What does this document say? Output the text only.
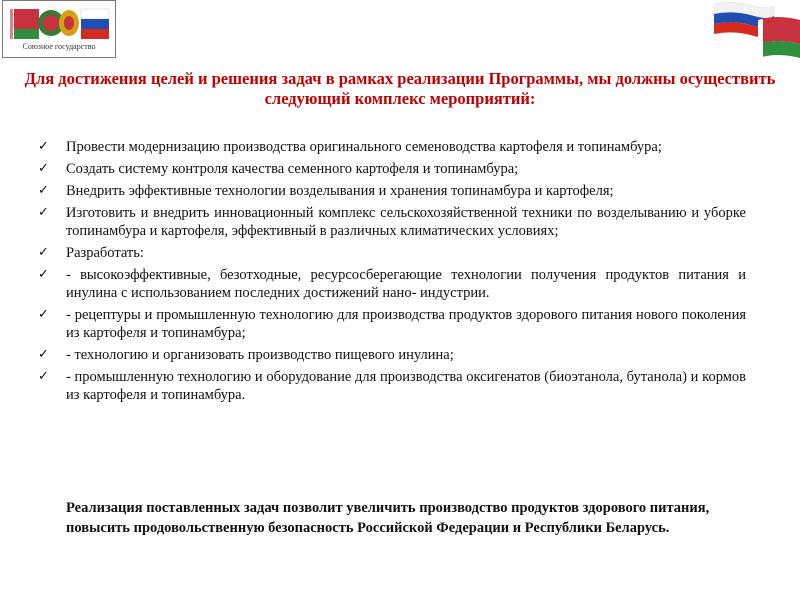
Союзное государство
Для достижения целей и решения задач в рамках реализации Программы, мы должны осуществить следующий комплекс мероприятий:
✓ Провести модернизацию производства оригинального семеноводства картофеля и топинамбура;
✓ Создать систему контроля качества семенного картофеля и топинамбура;
✓ Внедрить эффективные технологии возделывания и хранения топинамбура и картофеля;
✓ Изготовить и внедрить инновационный комплекс сельскохозяйственной техники по возделыванию и уборке топинамбура и картофеля, эффективный в различных климатических условиях;
✓ Разработать:
✓ - высокоэффективные, безотходные, ресурсосберегающие технологии получения продуктов питания и инулина с использованием последних достижений нано- индустрии.
✓ - рецептуры и промышленную технологию для производства продуктов здорового питания нового поколения из картофеля и топинамбура;
✓ - технологию и организовать производство пищевого инулина;
✓ - промышленную технологию и оборудование для производства оксигенатов (биоэтанола, бутанола) и кормов из картофеля и топинамбура.
Реализация поставленных задач позволит увеличить производство продуктов здорового питания, повысить продовольственную безопасность Российской Федерации и Республики Беларусь.
